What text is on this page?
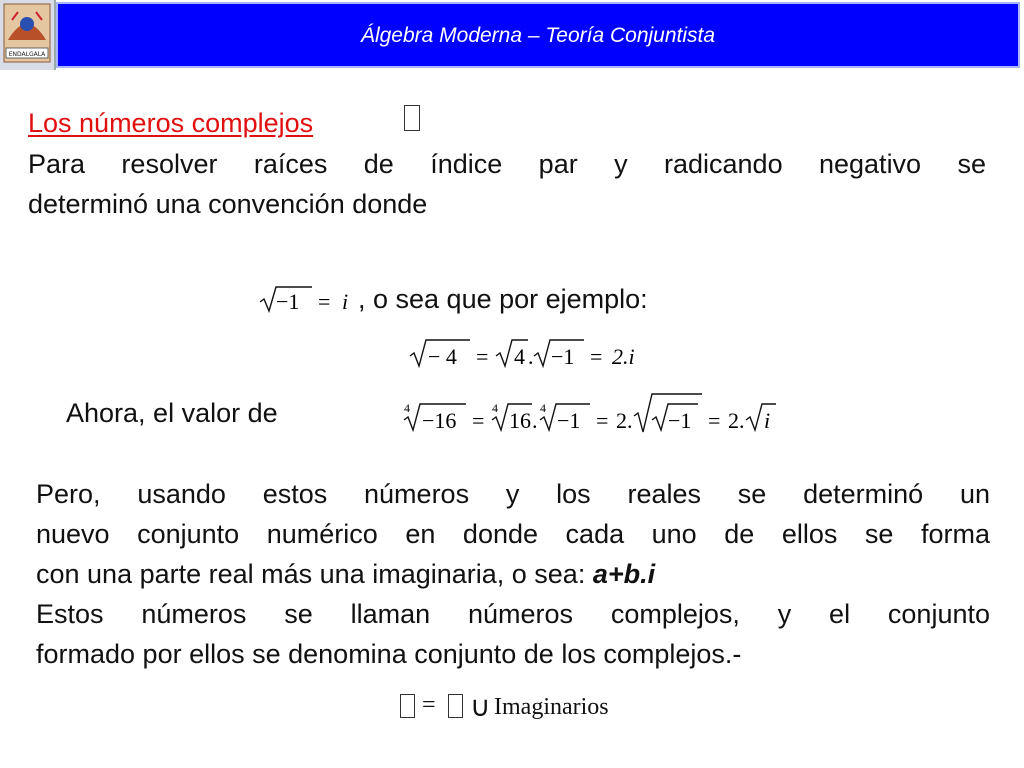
ENDALGALA
Álgebra Moderna – Teoría Conjuntista
Los números complejos
Para resolver raíces de índice par y radicando negativo se
determinó una convención donde
−1 = i , o sea que por ejemplo:
− 4 = 4 . −1 = 2.i
Ahora, el valor de	4 −16 = 4 16 . 4 −1 = 2. −1 = 2. i
Pero, usando estos números y los reales se determinó un
nuevo conjunto numérico en donde cada uno de ellos se forma
con una parte real más una imaginaria, o sea: a+b.i
Estos números se llaman números complejos, y el conjunto
formado por ellos se denomina conjunto de los complejos.-
= ∪ Imaginarios
